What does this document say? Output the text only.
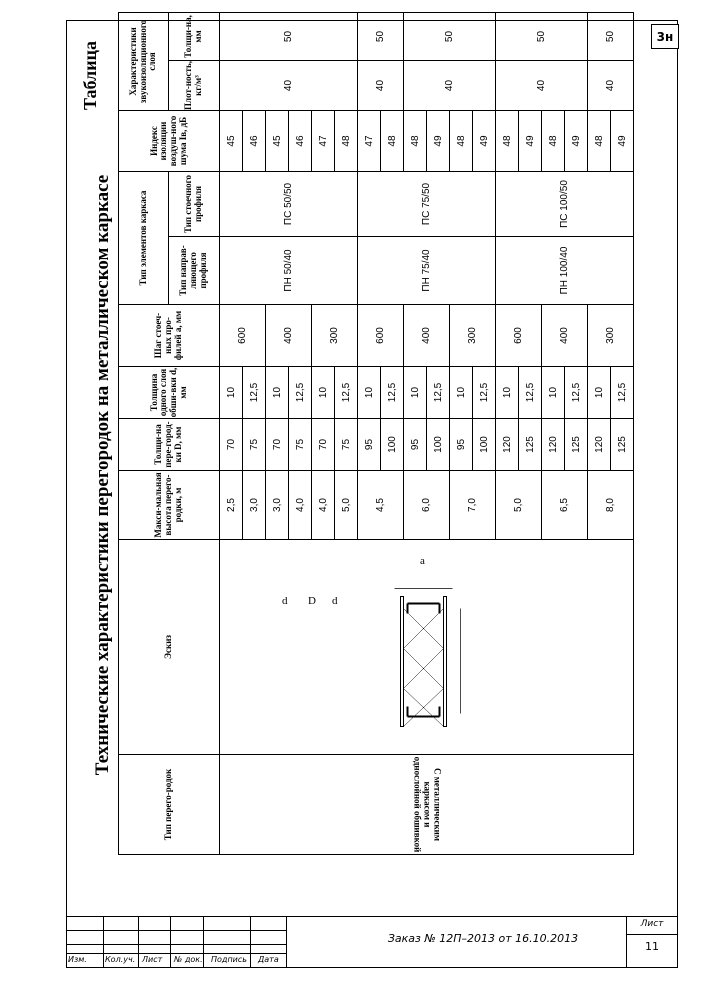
3н
Технические характеристики перегородок на металлическом каркасе
Таблица
Тип перего-родок	Эскиз	Макси-мальная высота перего-родки, м	Толщи-на пере-город-ки D, мм	Толщина одного слоя обши-вки d, мм	Шаг стоеч-ных про-филей a, мм	Тип элементов каркаса		Индекс изоляции воздуш-ного шума Iв, дБ	Характеристики звукоизоляционного слоя	
						Тип направ-ляющего профиля	Тип стоечного профиля		Плот-ность, кг/м³	Толщи-на, мм
С металлическим каркасом и однослойной обшивкой	d D d
a	2,5	70	10	600	ПН 50/40	ПС 50/50	45	40	50
		3,0	75	12,5				46		
		3,0	70	10	400			45		
		4,0	75	12,5				46		
		4,0	70	10	300			47		
		5,0	75	12,5				48		
		4,5	95	10	600	ПН 75/40	ПС 75/50	47	40	50
			100	12,5				48		
		6,0	95	10	400			48	40	50
			100	12,5				49		
		7,0	95	10	300			48		
			100	12,5				49		
		5,0	120	10	600	ПН 100/40	ПС 100/50	48	40	50
			125	12,5				49		
		6,5	120	10	400			48		
			125	12,5				49		
		8,0	120	10	300			48	40	50
			125	12,5				49		
Изм. Кол.уч. Лист № док. Подпись Дата
Заказ № 12П–2013 от 16.10.2013
Лист
11
